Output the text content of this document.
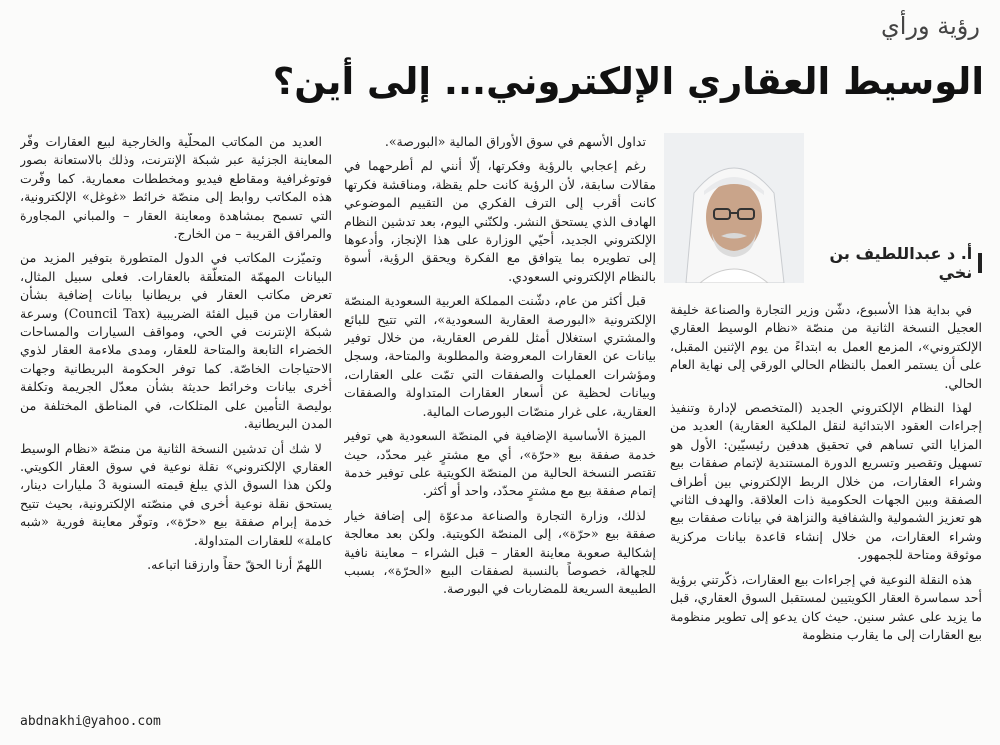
رؤية ورأي
الوسيط العقاري الإلكتروني... إلى أين؟
أ. د عبداللطيف بن نخي

في بداية هذا الأسبوع، دشّن وزير التجارة والصناعة خليفة العجيل النسخة الثانية من منصّة «نظام الوسيط العقاري الإلكتروني»، المزمع العمل به ابتداءً من يوم الإثنين المقبل، على أن يستمر العمل بالنظام الحالي الورقي إلى نهاية العام الحالي.

لهذا النظام الإلكتروني الجديد (المتخصص لإدارة وتنفيذ إجراءات العقود الابتدائية لنقل الملكية العقارية) العديد من المزايا التي تساهم في تحقيق هدفين رئيسيّين: الأول هو تسهيل وتقصير وتسريع الدورة المستندية لإتمام صفقات بيع وشراء العقارات، من خلال الربط الإلكتروني بين أطراف الصفقة وبين الجهات الحكومية ذات العلاقة. والهدف الثاني هو تعزيز الشمولية والشفافية والنزاهة في بيانات صفقات بيع وشراء العقارات، من خلال إنشاء قاعدة بيانات مركزية موثوقة ومتاحة للجمهور.

هذه النقلة النوعية في إجراءات بيع العقارات، ذكّرتني برؤية أحد سماسرة العقار الكويتيين لمستقبل السوق العقاري، قبل ما يزيد على عشر سنين. حيث كان يدعو إلى تطوير منظومة بيع العقارات إلى ما يقارب منظومة

تداول الأسهم في سوق الأوراق المالية «البورصة».

رغم إعجابي بالرؤية وفكرتها، إلّا أنني لم أطرحهما في مقالات سابقة، لأن الرؤية كانت حلم يقظة، ومناقشة فكرتها كانت أقرب إلى الترف الفكري من التقييم الموضوعي الهادف الذي يستحق النشر. ولكنّني اليوم، بعد تدشين النظام الإلكتروني الجديد، أحيّي الوزارة على هذا الإنجاز، وأدعوها إلى تطويره بما يتوافق مع الفكرة ويحقق الرؤية، أسوة بالنظام الإلكتروني السعودي.

قبل أكثر من عام، دشّنت المملكة العربية السعودية المنصّة الإلكترونية «البورصة العقارية السعودية»، التي تتيح للبائع والمشتري استغلال أمثل للفرص العقارية، من خلال توفير بيانات عن العقارات المعروضة والمطلوبة والمتاحة، وسجل ومؤشرات العمليات والصفقات التي تمّت على العقارات، وبيانات لحظية عن أسعار العقارات المتداولة والصفقات العقارية، على غرار منصّات البورصات المالية.

الميزة الأساسية الإضافية في المنصّة السعودية هي توفير خدمة صفقة بيع «حرّة»، أي مع مشترٍ غير محدّد، حيث تقتصر النسخة الحالية من المنصّة الكويتية على توفير خدمة إتمام صفقة بيع مع مشترٍ محدّد، واحد أو أكثر.

لذلك، وزارة التجارة والصناعة مدعوّة إلى إضافة خيار صفقة بيع «حرّة»، إلى المنصّة الكويتية. ولكن بعد معالجة إشكالية صعوبة معاينة العقار – قبل الشراء – معاينة نافية للجهالة، خصوصاً بالنسبة لصفقات البيع «الحرّة»، بسبب الطبيعة السريعة للمضاربات في البورصة.

العديد من المكاتب المحلّية والخارجية لبيع العقارات وفّر المعاينة الجزئية عبر شبكة الإنترنت، وذلك بالاستعانة بصور فوتوغرافية ومقاطع فيديو ومخططات معمارية. كما وفّرت هذه المكاتب روابط إلى منصّة خرائط «غوغل» الإلكترونية، التي تسمح بمشاهدة ومعاينة العقار – والمباني المجاورة والمرافق القريبة – من الخارج.

وتميّزت المكاتب في الدول المتطورة بتوفير المزيد من البيانات المهمّة المتعلّقة بالعقارات. فعلى سبيل المثال، تعرض مكاتب العقار في بريطانيا بيانات إضافية بشأن العقارات من قبيل الفئة الضريبية (Council Tax) وسرعة شبكة الإنترنت في الحي، ومواقف السيارات والمساحات الخضراء التابعة والمتاحة للعقار، ومدى ملاءمة العقار لذوي الاحتياجات الخاصّة. كما توفر الحكومة البريطانية وجهات أخرى بيانات وخرائط حديثة بشأن معدّل الجريمة وتكلفة بوليصة التأمين على المتلكات، في المناطق المختلفة من المدن البريطانية.

لا شك أن تدشين النسخة الثانية من منصّة «نظام الوسيط العقاري الإلكتروني» نقلة نوعية في سوق العقار الكويتي. ولكن هذا السوق الذي يبلغ قيمته السنوية 3 مليارات دينار، يستحق نقلة نوعية أخرى في منصّته الإلكترونية، بحيث تتيح خدمة إبرام صفقة بيع «حرّة»، وتوفّر معاينة فورية «شبه كاملة» للعقارات المتداولة.

اللهمّ أرنا الحقّ حقاً وارزقنا اتباعه.

abdnakhi@yahoo.com
